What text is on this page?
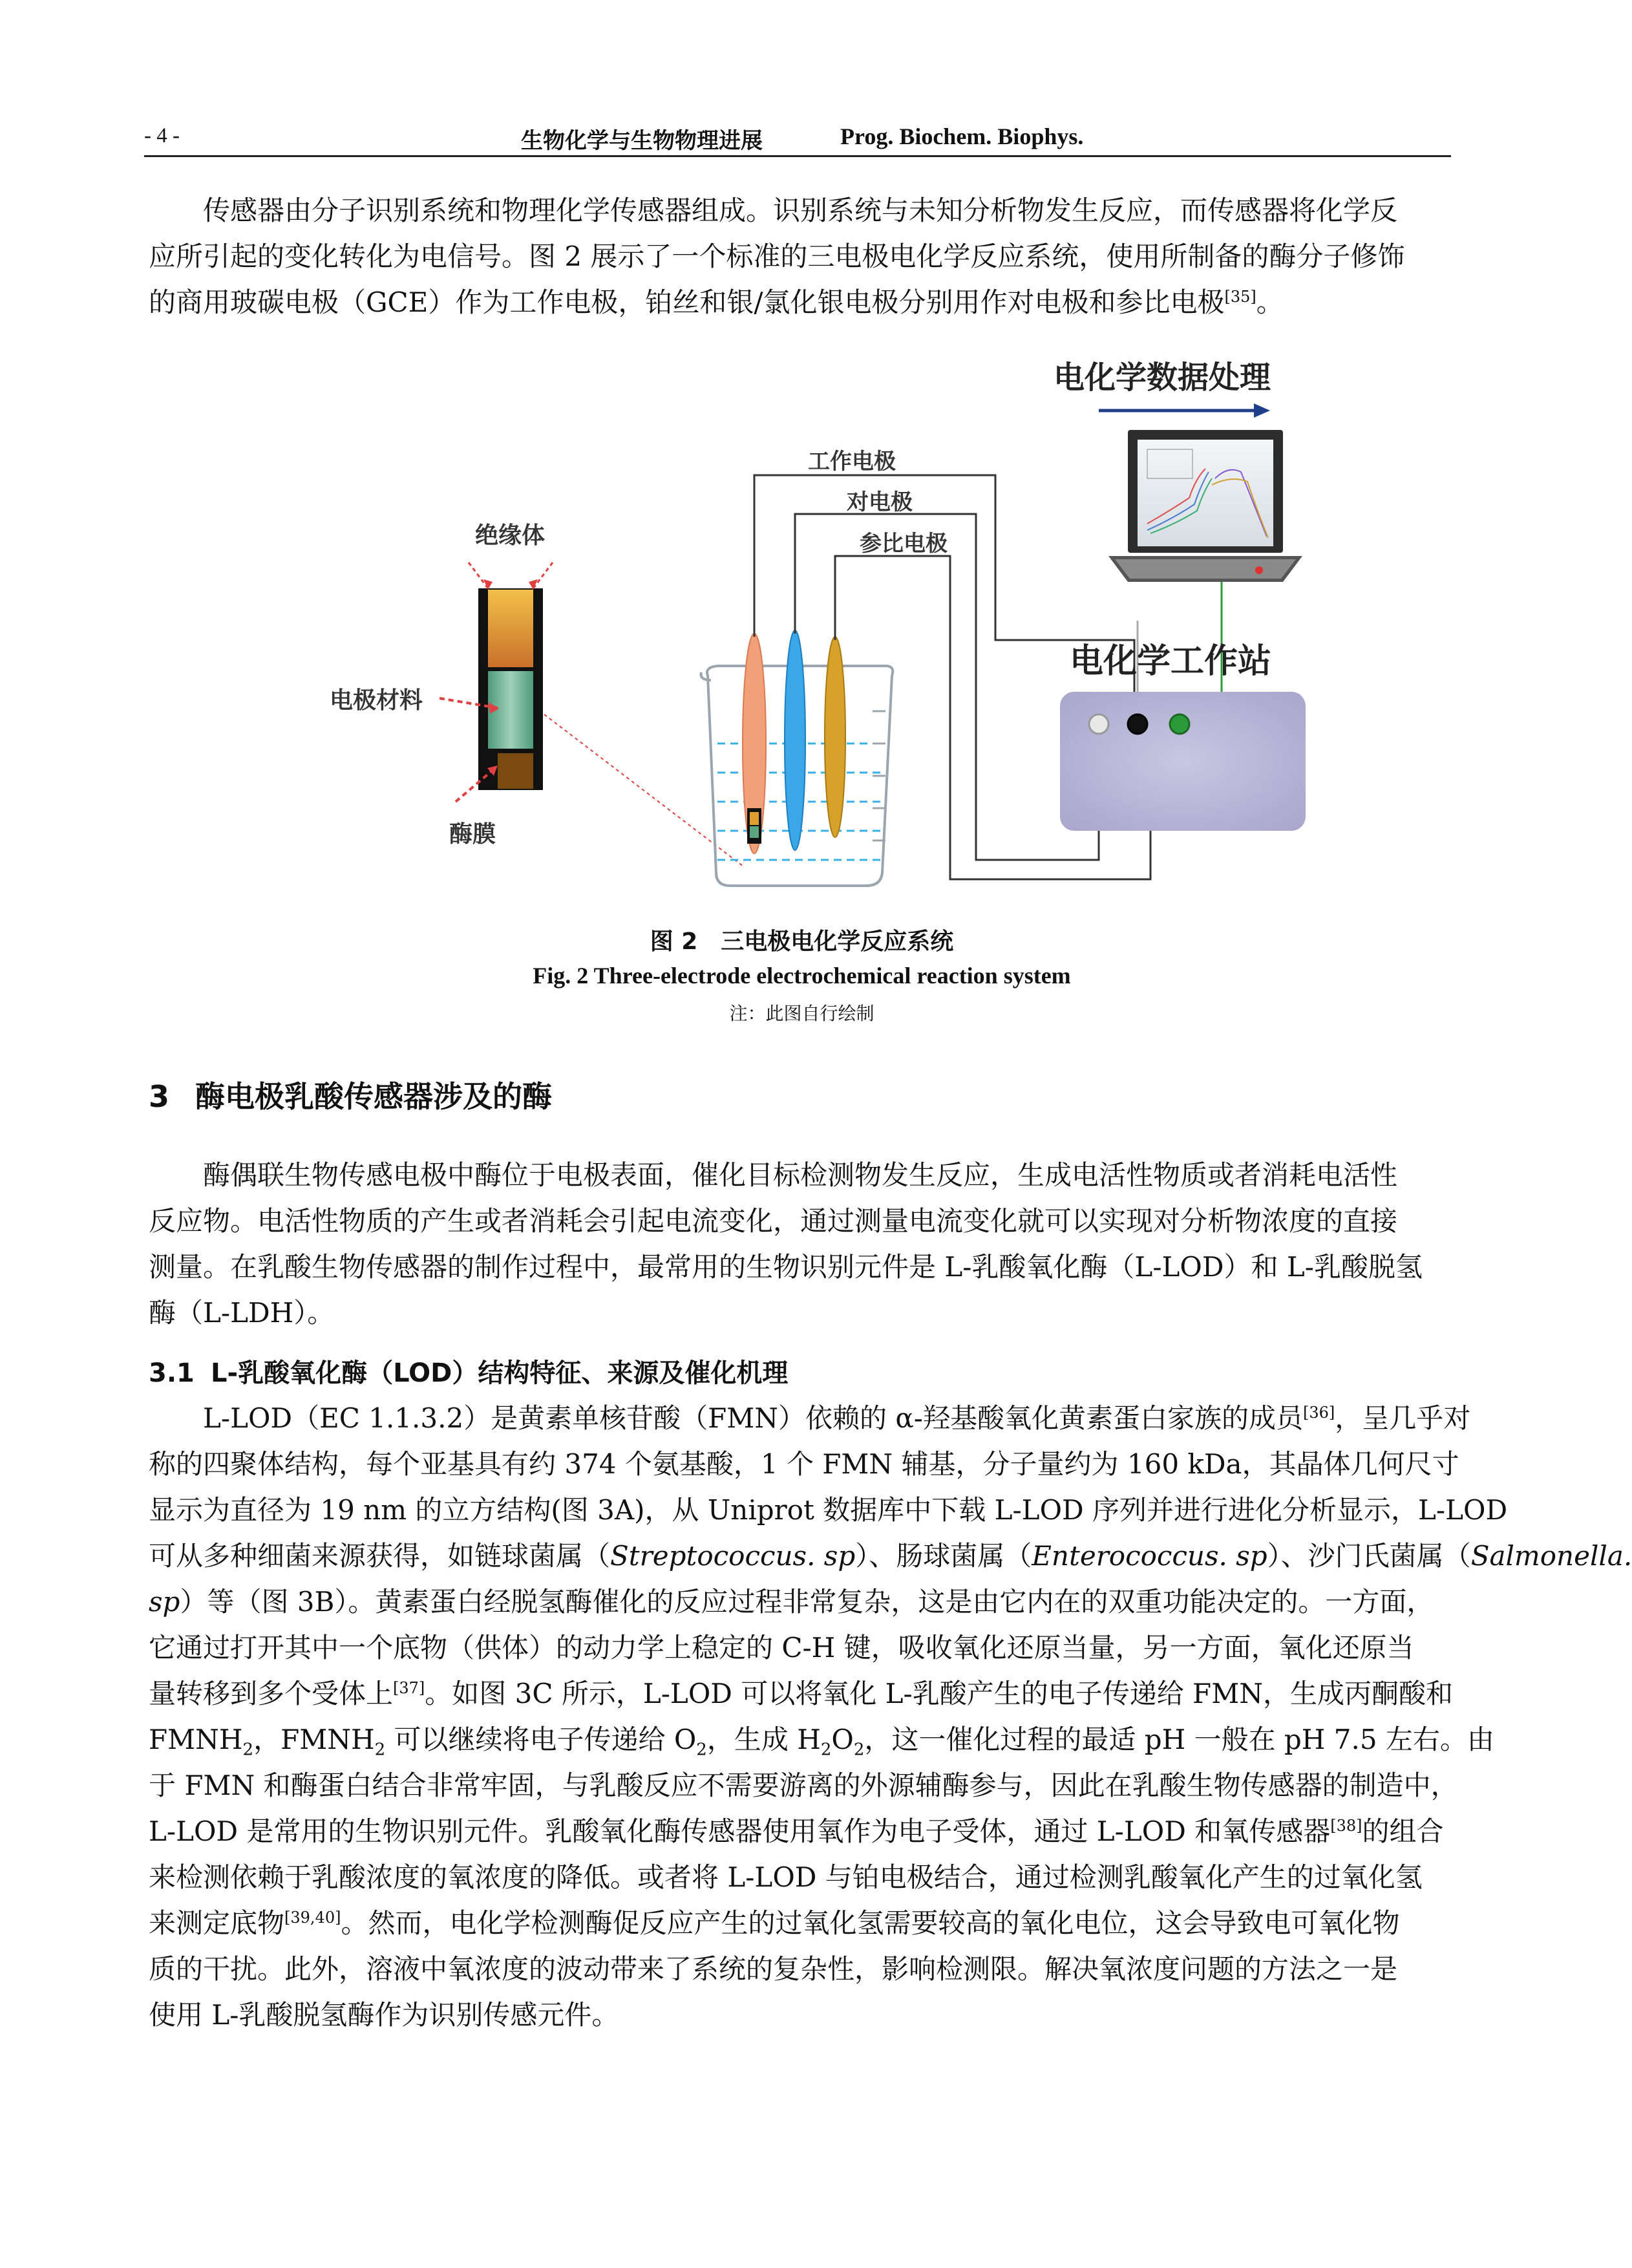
- 4 -	生物化学与生物物理进展	Prog. Biochem. Biophys.
传感器由分子识别系统和物理化学传感器组成。识别系统与未知分析物发生反应，而传感器将化学反
应所引起的变化转化为电信号。图 2 展示了一个标准的三电极电化学反应系统，使用所制备的酶分子修饰
的商用玻碳电极（GCE）作为工作电极，铂丝和银/氯化银电极分别用作对电极和参比电极[35]。
绝缘体
电极材料
酶膜
工作电极
对电极
参比电极
电化学数据处理
电化学工作站
图 2　三电极电化学反应系统
Fig. 2 Three-electrode electrochemical reaction system
注：此图自行绘制
3 酶电极乳酸传感器涉及的酶
酶偶联生物传感电极中酶位于电极表面，催化目标检测物发生反应，生成电活性物质或者消耗电活性
反应物。电活性物质的产生或者消耗会引起电流变化，通过测量电流变化就可以实现对分析物浓度的直接
测量。在乳酸生物传感器的制作过程中，最常用的生物识别元件是 L-乳酸氧化酶（L-LOD）和 L-乳酸脱氢
酶（L-LDH）。
3.1 L-乳酸氧化酶（LOD）结构特征、来源及催化机理
L-LOD（EC 1.1.3.2）是黄素单核苷酸（FMN）依赖的 α-羟基酸氧化黄素蛋白家族的成员[36]，呈几乎对
称的四聚体结构，每个亚基具有约 374 个氨基酸，1 个 FMN 辅基，分子量约为 160 kDa，其晶体几何尺寸
显示为直径为 19 nm 的立方结构(图 3A)，从 Uniprot 数据库中下载 L-LOD 序列并进行进化分析显示，L-LOD
可从多种细菌来源获得，如链球菌属（Streptococcus. sp）、肠球菌属（Enterococcus. sp）、沙门氏菌属（Salmonella.
sp）等（图 3B）。黄素蛋白经脱氢酶催化的反应过程非常复杂，这是由它内在的双重功能决定的。一方面，
它通过打开其中一个底物（供体）的动力学上稳定的 C-H 键，吸收氧化还原当量，另一方面，氧化还原当
量转移到多个受体上[37]。如图 3C 所示，L-LOD 可以将氧化 L-乳酸产生的电子传递给 FMN，生成丙酮酸和
$FMNH_2$，$FMNH_2$ 可以继续将电子传递给 $O_2$，生成 $H_2O_2$，这一催化过程的最适 pH 一般在 pH 7.5 左右。由
于 FMN 和酶蛋白结合非常牢固，与乳酸反应不需要游离的外源辅酶参与，因此在乳酸生物传感器的制造中，
L-LOD 是常用的生物识别元件。乳酸氧化酶传感器使用氧作为电子受体，通过 L-LOD 和氧传感器[38]的组合
来检测依赖于乳酸浓度的氧浓度的降低。或者将 L-LOD 与铂电极结合，通过检测乳酸氧化产生的过氧化氢
来测定底物[39,40]。然而，电化学检测酶促反应产生的过氧化氢需要较高的氧化电位，这会导致电可氧化物
质的干扰。此外，溶液中氧浓度的波动带来了系统的复杂性，影响检测限。解决氧浓度问题的方法之一是
使用 L-乳酸脱氢酶作为识别传感元件。
